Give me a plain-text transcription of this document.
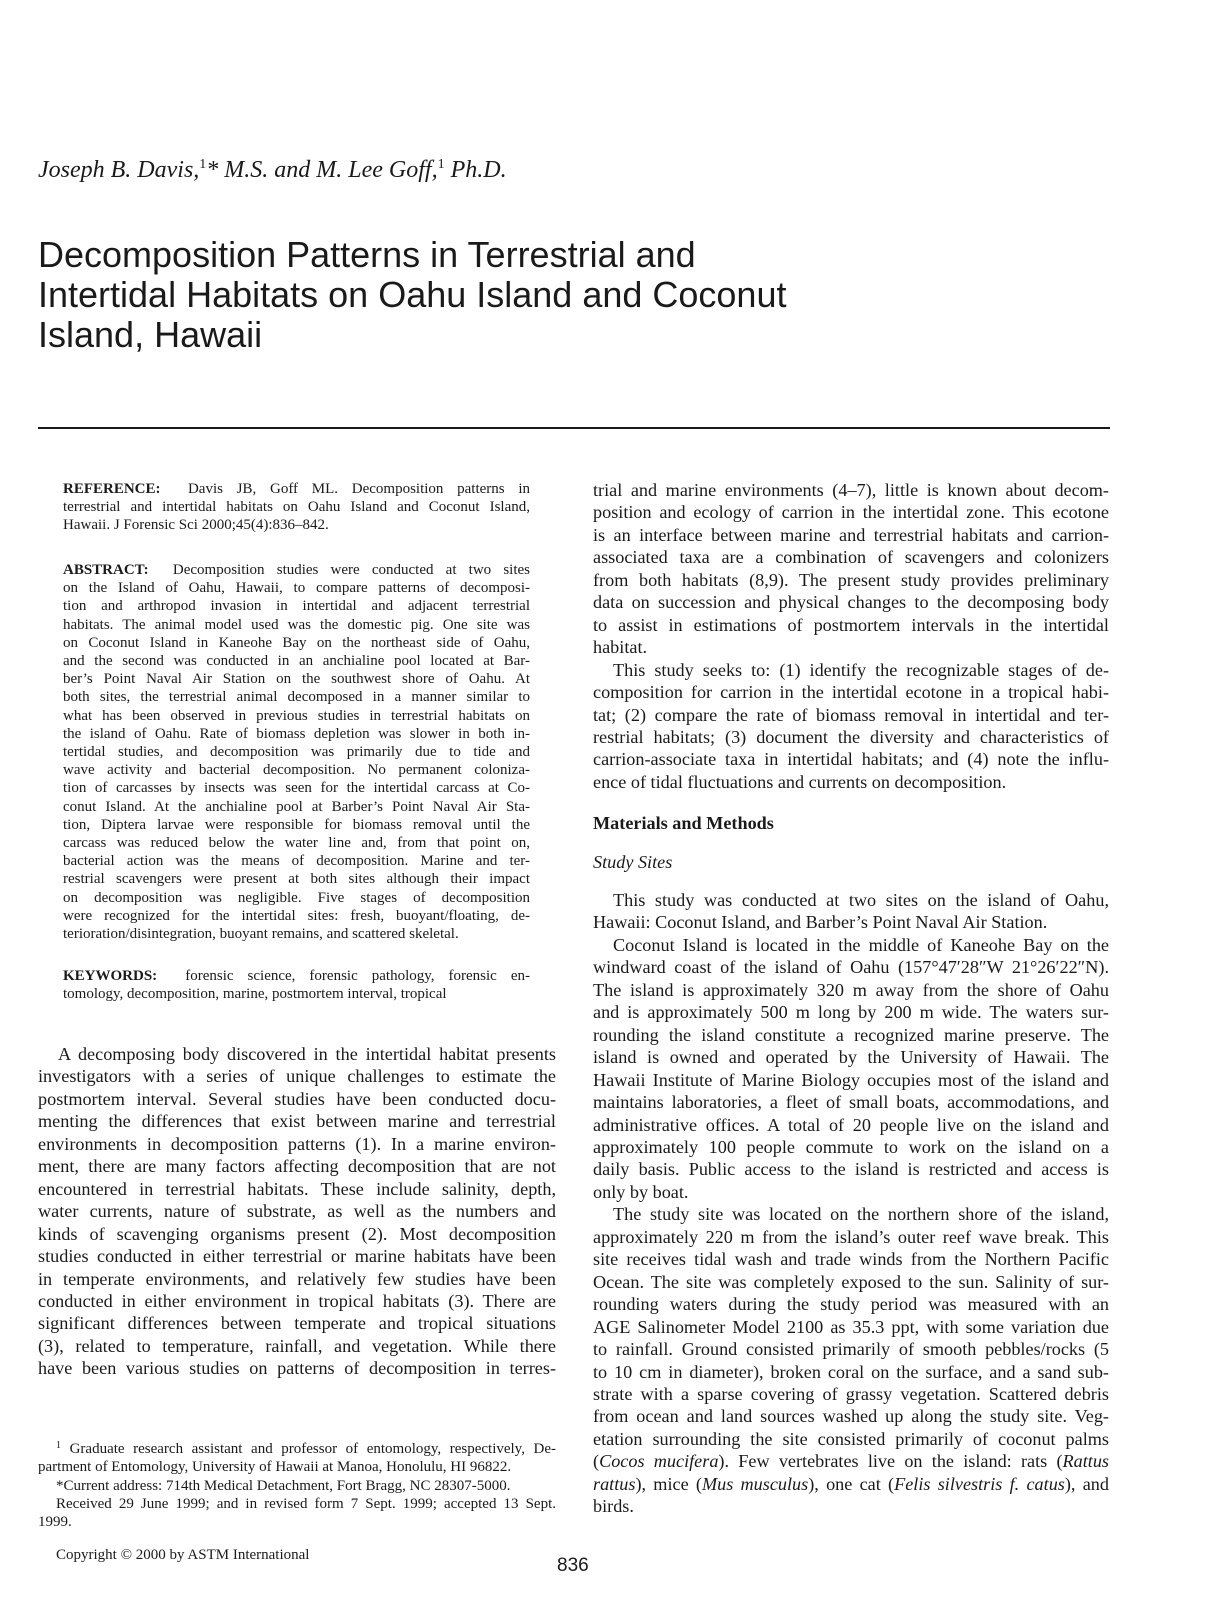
Joseph B. Davis,$^1$* M.S. and M. Lee Goff,$^1$ Ph.D.
Decomposition Patterns in Terrestrial and
Intertidal Habitats on Oahu Island and Coconut
Island, Hawaii
REFERENCE: Davis JB, Goff ML. Decomposition patterns in
terrestrial and intertidal habitats on Oahu Island and Coconut Island,
Hawaii. J Forensic Sci 2000;45(4):836–842.
ABSTRACT: Decomposition studies were conducted at two sites
on the Island of Oahu, Hawaii, to compare patterns of decomposi-
tion and arthropod invasion in intertidal and adjacent terrestrial
habitats. The animal model used was the domestic pig. One site was
on Coconut Island in Kaneohe Bay on the northeast side of Oahu,
and the second was conducted in an anchialine pool located at Bar-
ber’s Point Naval Air Station on the southwest shore of Oahu. At
both sites, the terrestrial animal decomposed in a manner similar to
what has been observed in previous studies in terrestrial habitats on
the island of Oahu. Rate of biomass depletion was slower in both in-
tertidal studies, and decomposition was primarily due to tide and
wave activity and bacterial decomposition. No permanent coloniza-
tion of carcasses by insects was seen for the intertidal carcass at Co-
conut Island. At the anchialine pool at Barber’s Point Naval Air Sta-
tion, Diptera larvae were responsible for biomass removal until the
carcass was reduced below the water line and, from that point on,
bacterial action was the means of decomposition. Marine and ter-
restrial scavengers were present at both sites although their impact
on decomposition was negligible. Five stages of decomposition
were recognized for the intertidal sites: fresh, buoyant/floating, de-
terioration/disintegration, buoyant remains, and scattered skeletal.
KEYWORDS: forensic science, forensic pathology, forensic en-
tomology, decomposition, marine, postmortem interval, tropical
A decomposing body discovered in the intertidal habitat presents
investigators with a series of unique challenges to estimate the
postmortem interval. Several studies have been conducted docu-
menting the differences that exist between marine and terrestrial
environments in decomposition patterns (1). In a marine environ-
ment, there are many factors affecting decomposition that are not
encountered in terrestrial habitats. These include salinity, depth,
water currents, nature of substrate, as well as the numbers and
kinds of scavenging organisms present (2). Most decomposition
studies conducted in either terrestrial or marine habitats have been
in temperate environments, and relatively few studies have been
conducted in either environment in tropical habitats (3). There are
significant differences between temperate and tropical situations
(3), related to temperature, rainfall, and vegetation. While there
have been various studies on patterns of decomposition in terres-
trial and marine environments (4–7), little is known about decom-
position and ecology of carrion in the intertidal zone. This ecotone
is an interface between marine and terrestrial habitats and carrion-
associated taxa are a combination of scavengers and colonizers
from both habitats (8,9). The present study provides preliminary
data on succession and physical changes to the decomposing body
to assist in estimations of postmortem intervals in the intertidal
habitat.
This study seeks to: (1) identify the recognizable stages of de-
composition for carrion in the intertidal ecotone in a tropical habi-
tat; (2) compare the rate of biomass removal in intertidal and ter-
restrial habitats; (3) document the diversity and characteristics of
carrion-associate taxa in intertidal habitats; and (4) note the influ-
ence of tidal fluctuations and currents on decomposition.
Materials and Methods
Study Sites
This study was conducted at two sites on the island of Oahu,
Hawaii: Coconut Island, and Barber’s Point Naval Air Station.
Coconut Island is located in the middle of Kaneohe Bay on the
windward coast of the island of Oahu (157°47′28″W 21°26′22″N).
The island is approximately 320 m away from the shore of Oahu
and is approximately 500 m long by 200 m wide. The waters sur-
rounding the island constitute a recognized marine preserve. The
island is owned and operated by the University of Hawaii. The
Hawaii Institute of Marine Biology occupies most of the island and
maintains laboratories, a fleet of small boats, accommodations, and
administrative offices. A total of 20 people live on the island and
approximately 100 people commute to work on the island on a
daily basis. Public access to the island is restricted and access is
only by boat.
The study site was located on the northern shore of the island,
approximately 220 m from the island’s outer reef wave break. This
site receives tidal wash and trade winds from the Northern Pacific
Ocean. The site was completely exposed to the sun. Salinity of sur-
rounding waters during the study period was measured with an
AGE Salinometer Model 2100 as 35.3 ppt, with some variation due
to rainfall. Ground consisted primarily of smooth pebbles/rocks (5
to 10 cm in diameter), broken coral on the surface, and a sand sub-
strate with a sparse covering of grassy vegetation. Scattered debris
from ocean and land sources washed up along the study site. Veg-
etation surrounding the site consisted primarily of coconut palms
(Cocos mucifera). Few vertebrates live on the island: rats (Rattus
rattus), mice (Mus musculus), one cat (Felis silvestris f. catus), and
birds.
$^1$ Graduate research assistant and professor of entomology, respectively, De-
partment of Entomology, University of Hawaii at Manoa, Honolulu, HI 96822.
*Current address: 714th Medical Detachment, Fort Bragg, NC 28307-5000.
Received 29 June 1999; and in revised form 7 Sept. 1999; accepted 13 Sept.
1999.
Copyright © 2000 by ASTM International	836
